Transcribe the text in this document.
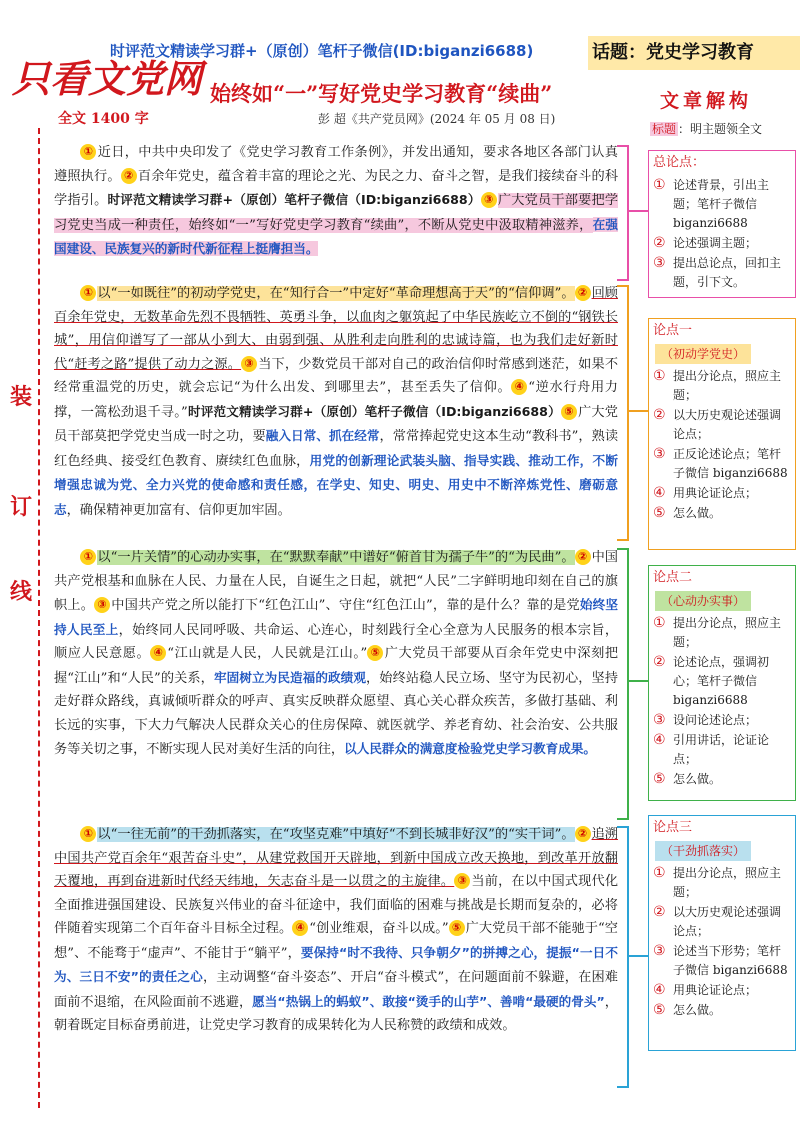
只看文党网
时评范文精读学习群+（原创）笔杆子微信(ID:biganzi6688)	话题：党史学习教育
始终如“一”写好党史学习教育“续曲”
彭 超《共产党员网》(2024 年 05 月 08 日)
全文 1400 字
装
订
线
① 近日，中共中央印发了《党史学习教育工作条例》，并发出通知，要求各地区各部门认真遵照执行。 ② 百余年党史，蕴含着丰富的理论之光、为民之力、奋斗之智，是我们接续奋斗的科学指引。时评范文精读学习群+（原创）笔杆子微信（ID:biganzi6688） ③ 广大党员干部要把学习党史当成一种责任，始终如“一”写好党史学习教育“续曲”，不断从党史中汲取精神滋养，在强国建设、民族复兴的新时代新征程上挺膺担当。
① 以“一如既往”的初动学党史，在“知行合一”中定好“革命理想高于天”的“信仰调”。 ② 回顾百余年党史，无数革命先烈不畏牺牲、英勇斗争，以血肉之躯筑起了中华民族屹立不倒的“钢铁长城”，用信仰谱写了一部从小到大、由弱到强、从胜利走向胜利的忠诚诗篇，也为我们走好新时代“赶考之路”提供了动力之源。 ③ 当下，少数党员干部对自己的政治信仰时常感到迷茫，如果不经常重温党的历史，就会忘记“为什么出发、到哪里去”，甚至丢失了信仰。 ④ “逆水行舟用力撑，一篙松劲退千寻。”时评范文精读学习群+（原创）笔杆子微信（ID:biganzi6688） ⑤ 广大党员干部莫把学党史当成一时之功，要融入日常、抓在经常，常常捧起党史这本生动“教科书”，熟读红色经典、接受红色教育、赓续红色血脉，用党的创新理论武装头脑、指导实践、推动工作，不断增强忠诚为党、全力兴党的使命感和责任感，在学史、知史、明史、用史中不断淬炼党性、磨砺意志，确保精神更加富有、信仰更加牢固。
① 以“一片关情”的心动办实事，在“默默奉献”中谱好“俯首甘为孺子牛”的“为民曲”。 ② 中国共产党根基和血脉在人民、力量在人民，自诞生之日起，就把“人民”二字鲜明地印刻在自己的旗帜上。 ③ 中国共产党之所以能打下“红色江山”、守住“红色江山”，靠的是什么？靠的是党始终坚持人民至上，始终同人民同呼吸、共命运、心连心，时刻践行全心全意为人民服务的根本宗旨，顺应人民意愿。 ④ “江山就是人民，人民就是江山。” ⑤ 广大党员干部要从百余年党史中深刻把握“江山”和“人民”的关系，牢固树立为民造福的政绩观，始终站稳人民立场、坚守为民初心，坚持走好群众路线，真诚倾听群众的呼声、真实反映群众愿望、真心关心群众疾苦，多做打基础、利长远的实事，下大力气解决人民群众关心的住房保障、就医就学、养老育幼、社会治安、公共服务等关切之事，不断实现人民对美好生活的向往，以人民群众的满意度检验党史学习教育成果。
① 以“一往无前”的干劲抓落实，在“攻坚克难”中填好“不到长城非好汉”的“实干词”。 ② 追溯中国共产党百余年“艰苦奋斗史”，从建党救国开天辟地，到新中国成立改天换地，到改革开放翻天覆地，再到奋进新时代经天纬地，矢志奋斗是一以贯之的主旋律。 ③ 当前，在以中国式现代化全面推进强国建设、民族复兴伟业的奋斗征途中，我们面临的困难与挑战是长期而复杂的，必将伴随着实现第二个百年奋斗目标全过程。 ④ “创业维艰，奋斗以成。” ⑤ 广大党员干部不能驰于“空想”、不能骛于“虚声”、不能甘于“躺平”，要保持“时不我待、只争朝夕”的拼搏之心，提振“一日不为、三日不安”的责任之心，主动调整“奋斗姿态”、开启“奋斗模式”，在问题面前不躲避，在困难面前不退缩，在风险面前不逃避，愿当“热锅上的蚂蚁”、敢接“烫手的山芋”、善啃“最硬的骨头”，朝着既定目标奋勇前进，让党史学习教育的成果转化为人民称赞的政绩和成效。
文章解构
标题 ：明主题领全文
总论点：
① 论述背景，引出主题；笔杆子微信 biganzi6688
② 论述强调主题；
③ 提出总论点，回扣主题，引下文。
论点一
（初动学党史）
① 提出分论点，照应主题；
② 以大历史观论述强调论点；
③ 正反论述论点；笔杆子微信 biganzi6688
④ 用典论证论点；
⑤ 怎么做。
论点二
（心动办实事）
① 提出分论点，照应主题；
② 论述论点，强调初心；笔杆子微信 biganzi6688
③ 设问论述论点；
④ 引用讲话，论证论点；
⑤ 怎么做。
论点三
（干劲抓落实）
① 提出分论点，照应主题；
② 以大历史观论述强调论点；
③ 论述当下形势；笔杆子微信 biganzi6688
④ 用典论证论点；
⑤ 怎么做。
